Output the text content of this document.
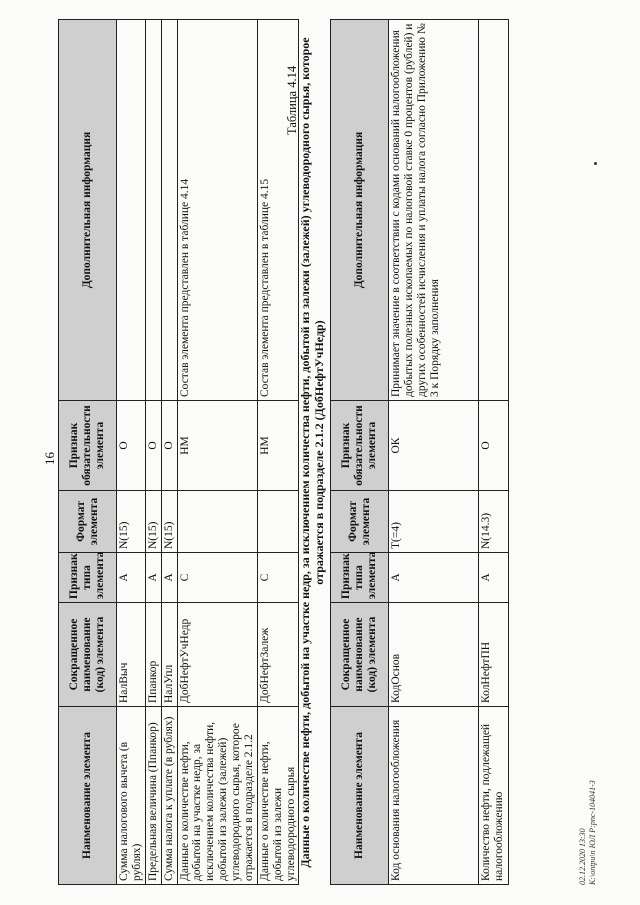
16
Наименование элемента	Сокращенное наименование (код) элемента	Признак типа элемента	Формат элемента	Признак обязательности элемента	Дополнительная информация
Сумма налогового вычета (в рублях)	НалВыч	А	N(15)	О	
Предельная величина (Ппанкор)	Ппанкор	А	N(15)	О	
Сумма налога к уплате (в рублях)	НалУпл	А	N(15)	О	
Данные о количестве нефти, добытой на участке недр, за исключением количества нефти, добытой из залежи (залежей) углеводородного сырья, которое отражается в подразделе 2.1.2	ДобНефтУчНедр	С		НМ	Состав элемента представлен в таблице 4.14
Данные о количестве нефти, добытой из залежи углеводородного сырья	ДобНефтЗалеж	С		НМ	Состав элемента представлен в таблице 4.15
Таблица 4.14 Данные о количестве нефти, добытой на участке недр, за исключением количества нефти, добытой из залежи (залежей) углеводородного сырья, которое отражается в подразделе 2.1.2 (ДобНефтУчНедр)
Наименование элемента	Сокращенное наименование (код) элемента	Признак типа элемента	Формат элемента	Признак обязательности элемента	Дополнительная информация
Код основания налогообложения	КодОснов	А	T(=4)	ОК	Принимает значение в соответствии с кодами оснований налогообложения добытых полезных ископаемых по налоговой ставке 0 процентов (рублей) и других особенностей исчисления и уплаты налога согласно Приложению № 3 к Порядку заполнения
Количество нефти, подлежащей налогообложению	КолНефтПН	А	N(14.3)	О	
02.12.2020 13:30 К:\ontpu\n ЮЛ Р:рпс-104041-3
